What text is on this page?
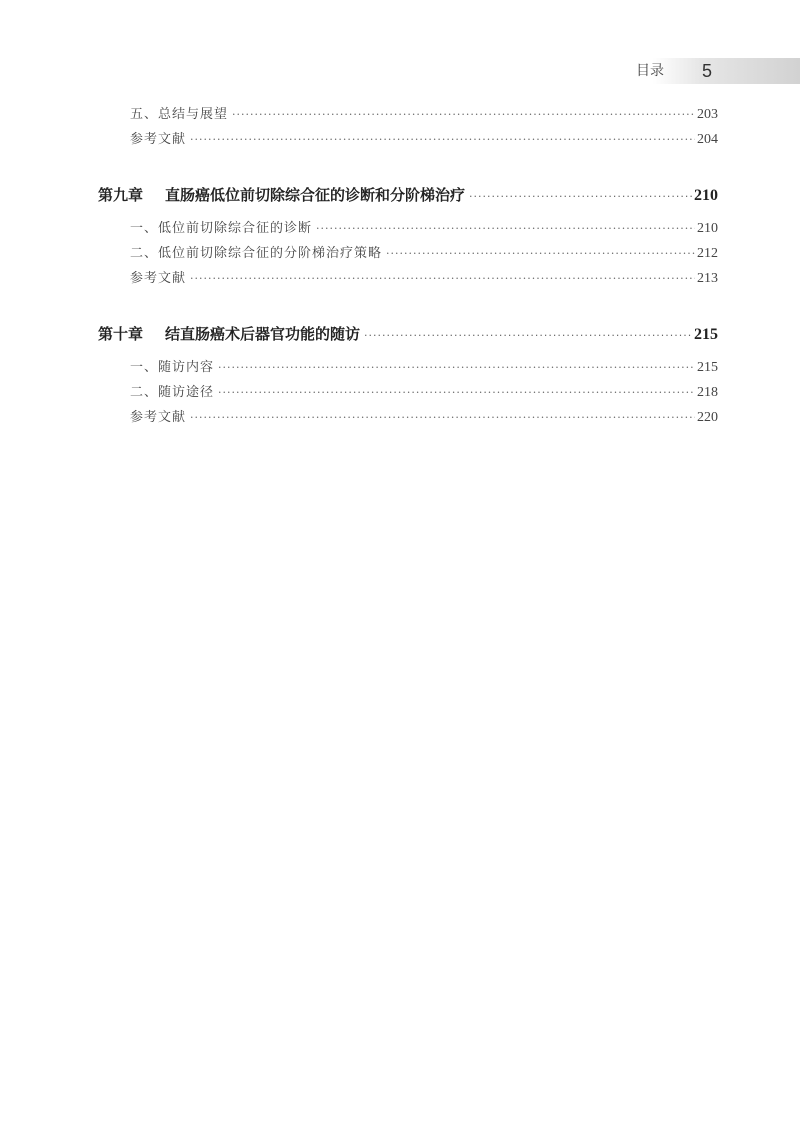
目录 5
五、总结与展望 ·····	203
参考文献 ·····	204
第九章 直肠癌低位前切除综合征的诊断和分阶梯治疗 ·····	210
一、低位前切除综合征的诊断 ·····	210
二、低位前切除综合征的分阶梯治疗策略 ·····	212
参考文献 ·····	213
第十章 结直肠癌术后器官功能的随访 ·····	215
一、随访内容 ·····	215
二、随访途径 ·····	218
参考文献 ·····	220
